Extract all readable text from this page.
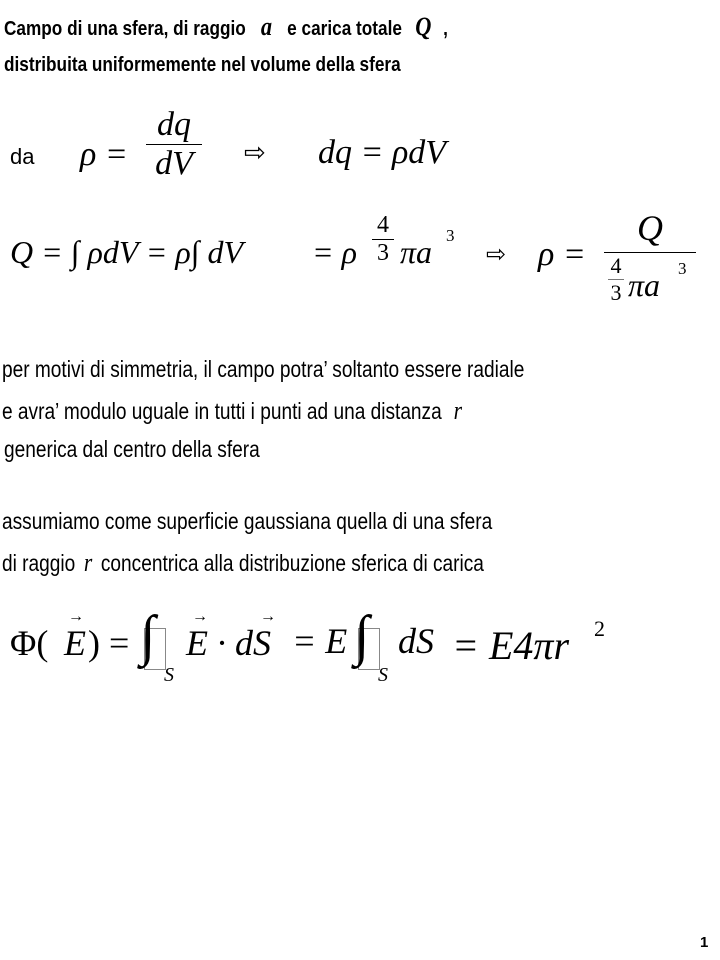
Campo di una sfera, di raggio a e carica totale Q ,
distribuita uniformemente nel volume della sfera
da ρ =
dq
dV ⇨ dq = ρdV
Q = ∫ ρdV = ρ∫ dV = ρ
4
3 πa 3
⇨ ρ =
Q
4
3 πa 3
per motivi di simmetria, il campo potra’ soltanto essere radiale
e avra’ modulo uguale in tutti i punti ad una distanza r
generica dal centro della sfera
assumiamo come superficie gaussiana quella di una sfera
di raggio r concentrica alla distribuzione sferica di carica
Φ( E
→
) = ∫
S
E · dS
→	→
= E ∫
S
dS = E4πr 2
1
